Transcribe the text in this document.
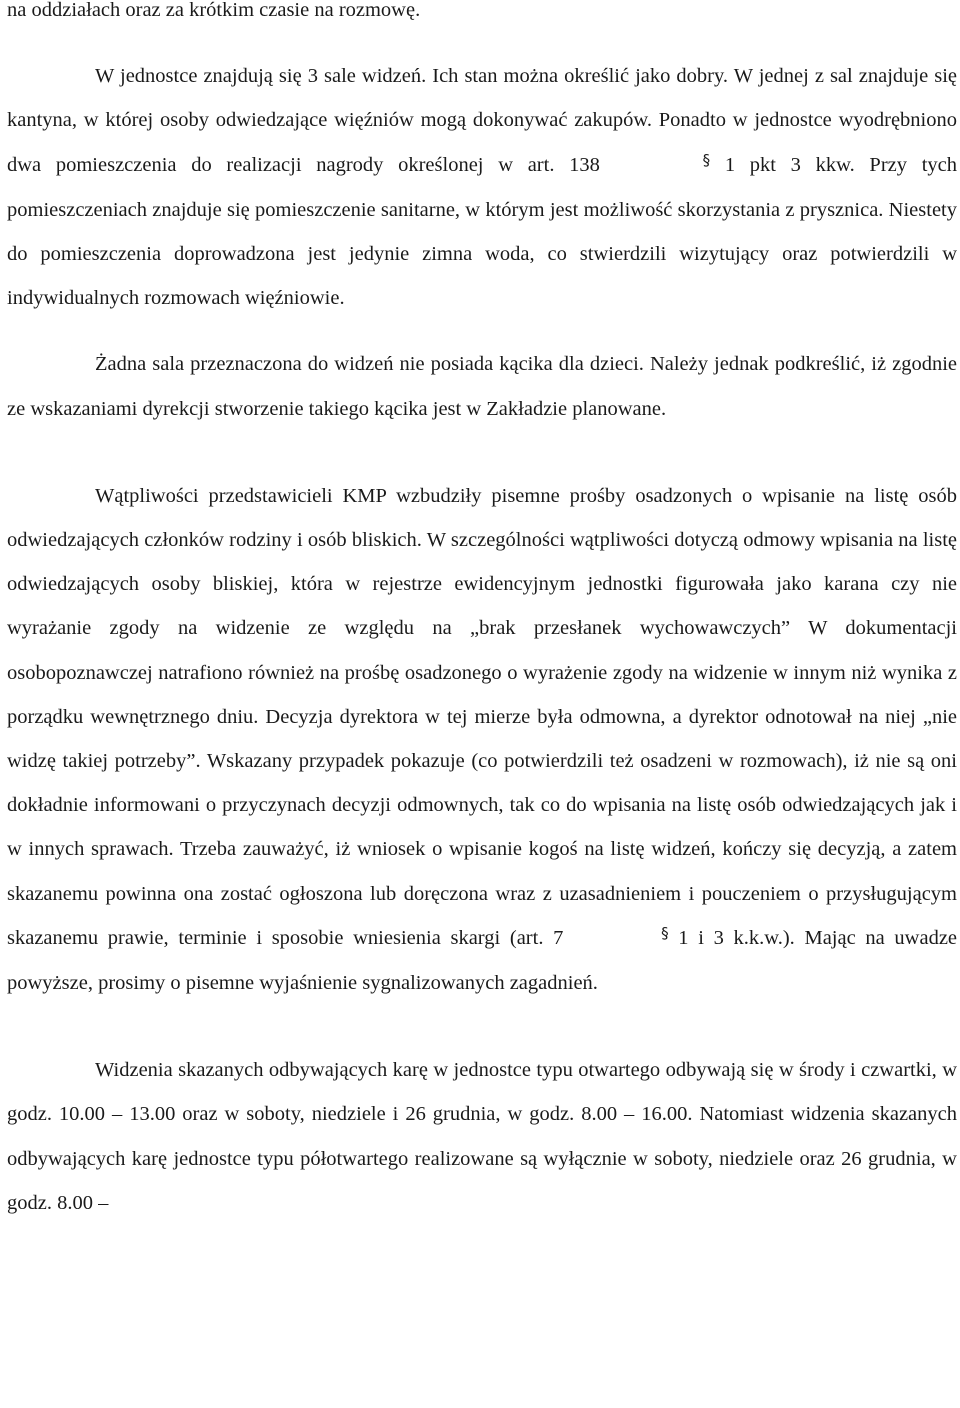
na oddziałach oraz za krótkim czasie na rozmowę.

W jednostce znajdują się 3 sale widzeń. Ich stan można określić jako dobry. W jednej z sal znajduje się kantyna, w której osoby odwiedzające więźniów mogą dokonywać zakupów. Ponadto w jednostce wyodrębniono dwa pomieszczenia do realizacji nagrody określonej w art. 138	§ 1 pkt 3 kkw. Przy tych pomieszczeniach znajduje się pomieszczenie sanitarne, w którym jest możliwość skorzystania z prysznica. Niestety do pomieszczenia doprowadzona jest jedynie zimna woda, co stwierdzili wizytujący oraz potwierdzili w indywidualnych rozmowach więźniowie.

Żadna sala przeznaczona do widzeń nie posiada kącika dla dzieci. Należy jednak podkreślić, iż zgodnie ze wskazaniami dyrekcji stworzenie takiego kącika jest w Zakładzie planowane.

Wątpliwości przedstawicieli KMP wzbudziły pisemne prośby osadzonych o wpisanie na listę osób odwiedzających członków rodziny i osób bliskich. W szczególności wątpliwości dotyczą odmowy wpisania na listę odwiedzających osoby bliskiej, która w rejestrze ewidencyjnym jednostki figurowała jako karana czy nie wyrażanie zgody na widzenie ze względu na „brak przesłanek wychowawczych” W dokumentacji osobopoznawczej natrafiono również na prośbę osadzonego o wyrażenie zgody na widzenie w innym niż wynika z porządku wewnętrznego dniu. Decyzja dyrektora w tej mierze była odmowna, a dyrektor odnotował na niej „nie widzę takiej potrzeby”. Wskazany przypadek pokazuje (co potwierdzili też osadzeni w rozmowach), iż nie są oni dokładnie informowani o przyczynach decyzji odmownych, tak co do wpisania na listę osób odwiedzających jak i w innych sprawach. Trzeba zauważyć, iż wniosek o wpisanie kogoś na listę widzeń, kończy się decyzją, a zatem skazanemu powinna ona zostać ogłoszona lub doręczona wraz z uzasadnieniem i pouczeniem o przysługującym skazanemu prawie, terminie i sposobie wniesienia skargi (art. 7	§ 1 i 3 k.k.w.). Mając na uwadze powyższe, prosimy o pisemne wyjaśnienie sygnalizowanych zagadnień.

Widzenia skazanych odbywających karę w jednostce typu otwartego odbywają się w środy i czwartki, w godz. 10.00 – 13.00 oraz w soboty, niedziele i 26 grudnia, w godz. 8.00 – 16.00. Natomiast widzenia skazanych odbywających karę jednostce typu półotwartego realizowane są wyłącznie w soboty, niedziele oraz 26 grudnia, w godz. 8.00 –
